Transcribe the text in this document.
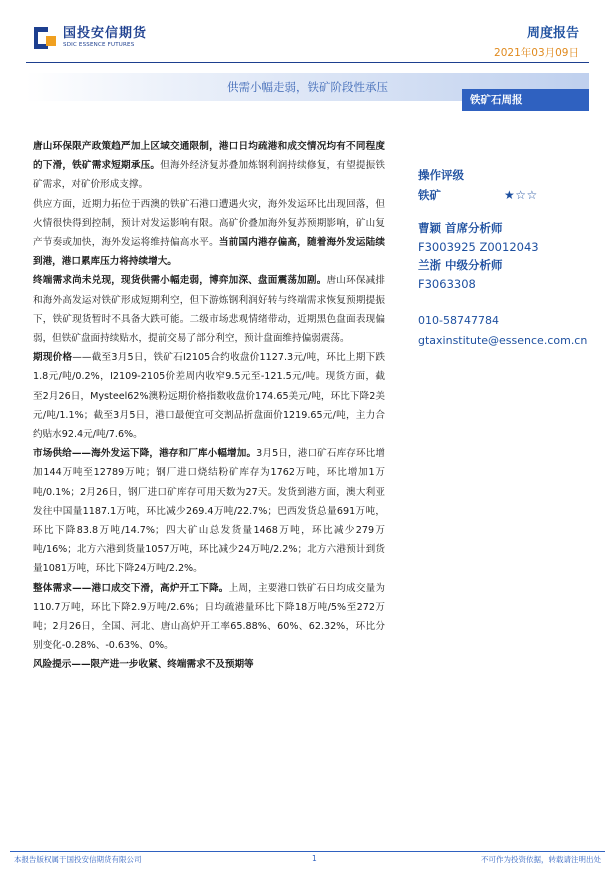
国投安信期货
SDIC ESSENCE FUTURES
周度报告
2021年03月09日
供需小幅走弱，铁矿阶段性承压
铁矿石周报

唐山环保限产政策趋严加上区域交通限制，港口日均疏港和成交情况均有不同程度的下滑，铁矿需求短期承压。但海外经济复苏叠加炼钢利润持续修复，有望提振铁矿需求，对矿价形成支撑。

供应方面，近期力拓位于西澳的铁矿石港口遭遇火灾，海外发运环比出现回落，但火情很快得到控制，预计对发运影响有限。高矿价叠加海外复苏预期影响，矿山复产节奏或加快，海外发运将维持偏高水平。当前国内港存偏高，随着海外发运陆续到港，港口累库压力将持续增大。

终端需求尚未兑现，现货供需小幅走弱，博弈加深、盘面震荡加剧。唐山环保减排和海外高发运对铁矿形成短期利空，但下游炼钢利润好转与终端需求恢复预期提振下，铁矿现货暂时不具备大跌可能。二级市场悲观情绪带动，近期黑色盘面表现偏弱，但铁矿盘面持续贴水，提前交易了部分利空，预计盘面维持偏弱震荡。

期现价格——截至3月5日，铁矿石I2105合约收盘价1127.3元/吨，环比上期下跌1.8元/吨/0.2%，I2109-2105价差周内收窄9.5元至-121.5元/吨。现货方面，截至2月26日，Mysteel62%澳粉远期价格指数收盘价174.65美元/吨，环比下降2美元/吨/1.1%；截至3月5日，港口最便宜可交割品折盘面价1219.65元/吨，主力合约贴水92.4元/吨/7.6%。

市场供给——海外发运下降，港存和厂库小幅增加。3月5日，港口矿石库存环比增加144万吨至12789万吨；钢厂进口烧结粉矿库存为1762万吨，环比增加1万吨/0.1%；2月26日，钢厂进口矿库存可用天数为27天。发货到港方面，澳大利亚发往中国量1187.1万吨，环比减少269.4万吨/22.7%；巴西发货总量691万吨，环比下降83.8万吨/14.7%；四大矿山总发货量1468万吨，环比减少279万吨/16%；北方六港到货量1057万吨，环比减少24万吨/2.2%；北方六港预计到货量1081万吨，环比下降24万吨/2.2%。

整体需求——港口成交下滑，高炉开工下降。上周，主要港口铁矿石日均成交量为110.7万吨，环比下降2.9万吨/2.6%；日均疏港量环比下降18万吨/5%至272万吨；2月26日，全国、河北、唐山高炉开工率65.88%、60%、62.32%，环比分别变化-0.28%、-0.63%、0%。

风险提示——限产进一步收紧、终端需求不及预期等

操作评级

铁矿	★☆☆
曹颖 首席分析师
F3003925 Z0012043
兰浙 中级分析师
F3063308
010-58747784
gtaxinstitute@essence.com.cn
本报告版权属于国投安信期货有限公司	1	不可作为投资依据，转载请注明出处
